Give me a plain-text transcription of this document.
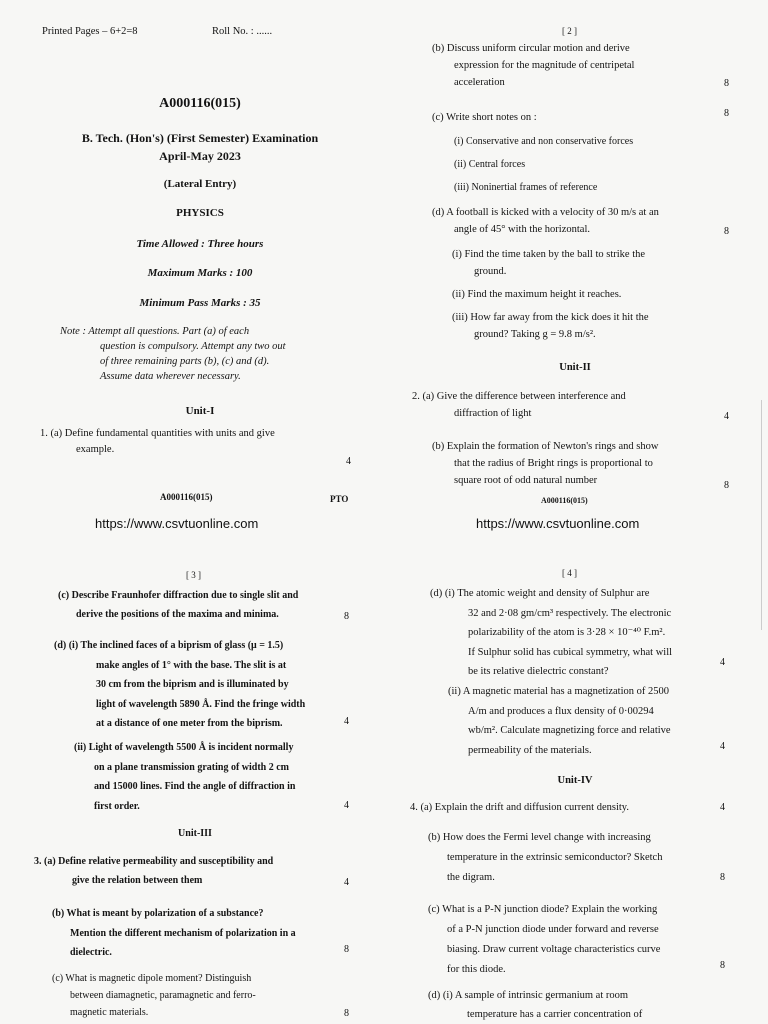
Printed Pages – 6+2=8	Roll No. : ......
A000116(015)
B. Tech. (Hon's) (First Semester) Examination
April-May 2023
(Lateral Entry)
PHYSICS
Time Allowed : Three hours
Maximum Marks : 100
Minimum Pass Marks : 35
Note : Attempt all questions. Part (a) of each
question is compulsory. Attempt any two out
of three remaining parts (b), (c) and (d).
Assume data wherever necessary.
Unit-I
1. (a) Define fundamental quantities with units and give
example.
4
A000116(015)	PTO
https://www.csvtuonline.com
[ 2 ]
(b) Discuss uniform circular motion and derive
expression for the magnitude of centripetal
acceleration	8
(c) Write short notes on :	8
(i) Conservative and non conservative forces
(ii) Central forces
(iii) Noninertial frames of reference
(d) A football is kicked with a velocity of 30 m/s at an
angle of 45° with the horizontal.	8
(i) Find the time taken by the ball to strike the
ground.
(ii) Find the maximum height it reaches.
(iii) How far away from the kick does it hit the
ground? Taking g = 9.8 m/s².
Unit-II
2. (a) Give the difference between interference and
diffraction of light	4
(b) Explain the formation of Newton's rings and show
that the radius of Bright rings is proportional to
square root of odd natural number	8
A000116(015)
https://www.csvtuonline.com
[ 3 ]
(c) Describe Fraunhofer diffraction due to single slit and
derive the positions of the maxima and minima.	8
(d) (i) The inclined faces of a biprism of glass (μ = 1.5)
make angles of 1° with the base. The slit is at
30 cm from the biprism and is illuminated by
light of wavelength 5890 Å. Find the fringe width
at a distance of one meter from the biprism.	4
(ii) Light of wavelength 5500 Å is incident normally
on a plane transmission grating of width 2 cm
and 15000 lines. Find the angle of diffraction in
first order.	4
Unit-III
3. (a) Define relative permeability and susceptibility and
give the relation between them	4
(b) What is meant by polarization of a substance?
Mention the different mechanism of polarization in a
dielectric.	8
(c) What is magnetic dipole moment? Distinguish
between diamagnetic, paramagnetic and ferro-
magnetic materials.	8
[ 4 ]
(d) (i) The atomic weight and density of Sulphur are
32 and 2·08 gm/cm³ respectively. The electronic
polarizability of the atom is 3·28 × 10⁻⁴⁰ F.m².
If Sulphur solid has cubical symmetry, what will
be its relative dielectric constant?
4
(ii) A magnetic material has a magnetization of 2500
A/m and produces a flux density of 0·00294
wb/m². Calculate magnetizing force and relative
permeability of the materials.	4
Unit-IV
4. (a) Explain the drift and diffusion current density.	4
(b) How does the Fermi level change with increasing
temperature in the extrinsic semiconductor? Sketch
the digram.	8
(c) What is a P-N junction diode? Explain the working
of a P-N junction diode under forward and reverse
biasing. Draw current voltage characteristics curve
for this diode.	8
(d) (i) A sample of intrinsic germanium at room
temperature has a carrier concentration of
